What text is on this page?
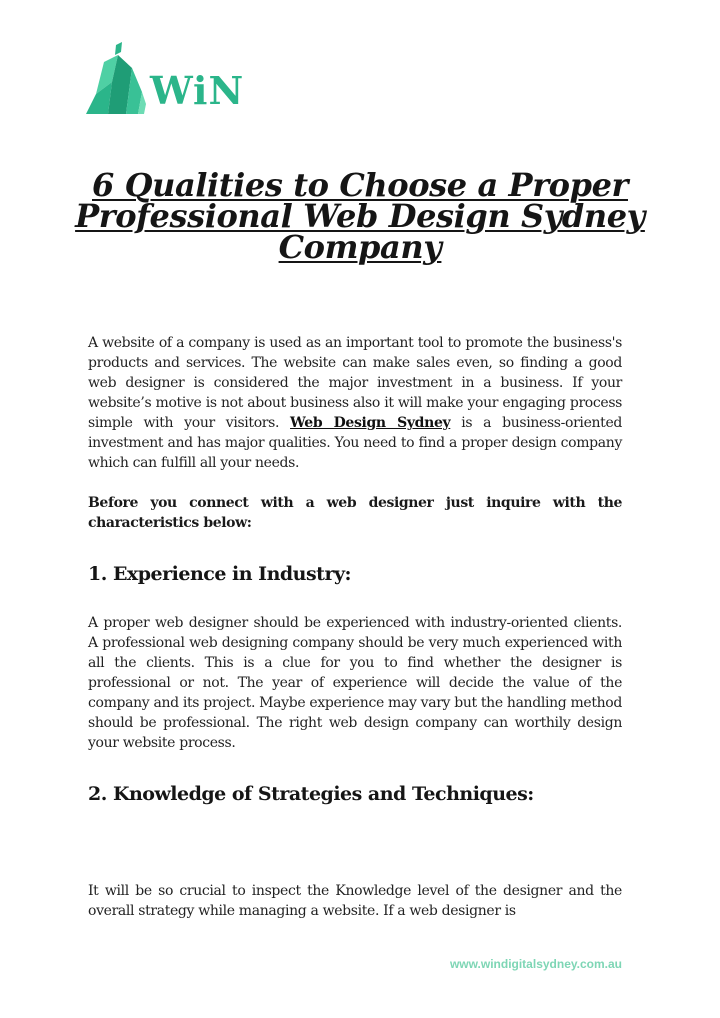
WiN
6 Qualities to Choose a Proper Professional Web Design Sydney Company

A website of a company is used as an important tool to promote the business's products and services. The website can make sales even, so finding a good web designer is considered the major investment in a business. If your website’s motive is not about business also it will make your engaging process simple with your visitors. Web Design Sydney is a business-oriented investment and has major qualities. You need to find a proper design company which can fulfill all your needs.

Before you connect with a web designer just inquire with the characteristics below:

1. Experience in Industry:

A proper web designer should be experienced with industry-oriented clients. A professional web designing company should be very much experienced with all the clients. This is a clue for you to find whether the designer is professional or not. The year of experience will decide the value of the company and its project. Maybe experience may vary but the handling method should be professional. The right web design company can worthily design your website process.

2. Knowledge of Strategies and Techniques:

It will be so crucial to inspect the Knowledge level of the designer and the overall strategy while managing a website. If a web designer is

www.windigitalsydney.com.au
